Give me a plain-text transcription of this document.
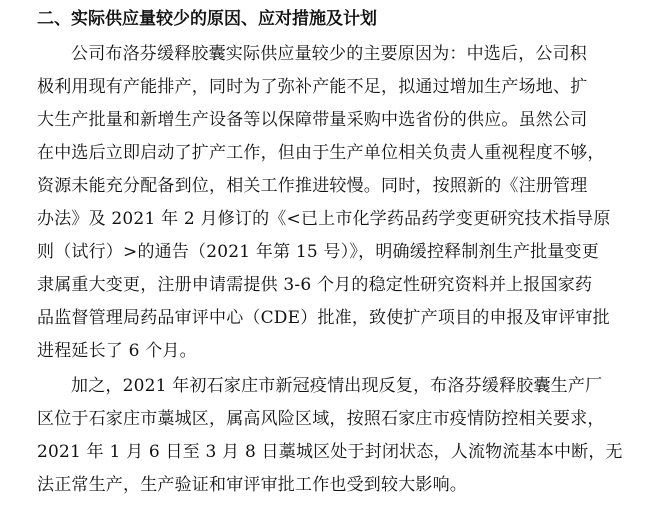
二、实际供应量较少的原因、应对措施及计划

公司布洛芬缓释胶囊实际供应量较少的主要原因为：中选后，公司积
极利用现有产能排产，同时为了弥补产能不足，拟通过增加生产场地、扩
大生产批量和新增生产设备等以保障带量采购中选省份的供应。虽然公司
在中选后立即启动了扩产工作，但由于生产单位相关负责人重视程度不够，
资源未能充分配备到位，相关工作推进较慢。同时，按照新的《注册管理
办法》及 2021 年 2 月修订的《<已上市化学药品药学变更研究技术指导原
则（试行）>的通告（2021 年第 15 号）》，明确缓控释制剂生产批量变更
隶属重大变更，注册申请需提供 3-6 个月的稳定性研究资料并上报国家药
品监督管理局药品审评中心（CDE）批准，致使扩产项目的申报及审评审批
进程延长了 6 个月。

加之，2021 年初石家庄市新冠疫情出现反复，布洛芬缓释胶囊生产厂
区位于石家庄市藁城区，属高风险区域，按照石家庄市疫情防控相关要求，
2021 年 1 月 6 日至 3 月 8 日藁城区处于封闭状态，人流物流基本中断，无
法正常生产，生产验证和审评审批工作也受到较大影响。
